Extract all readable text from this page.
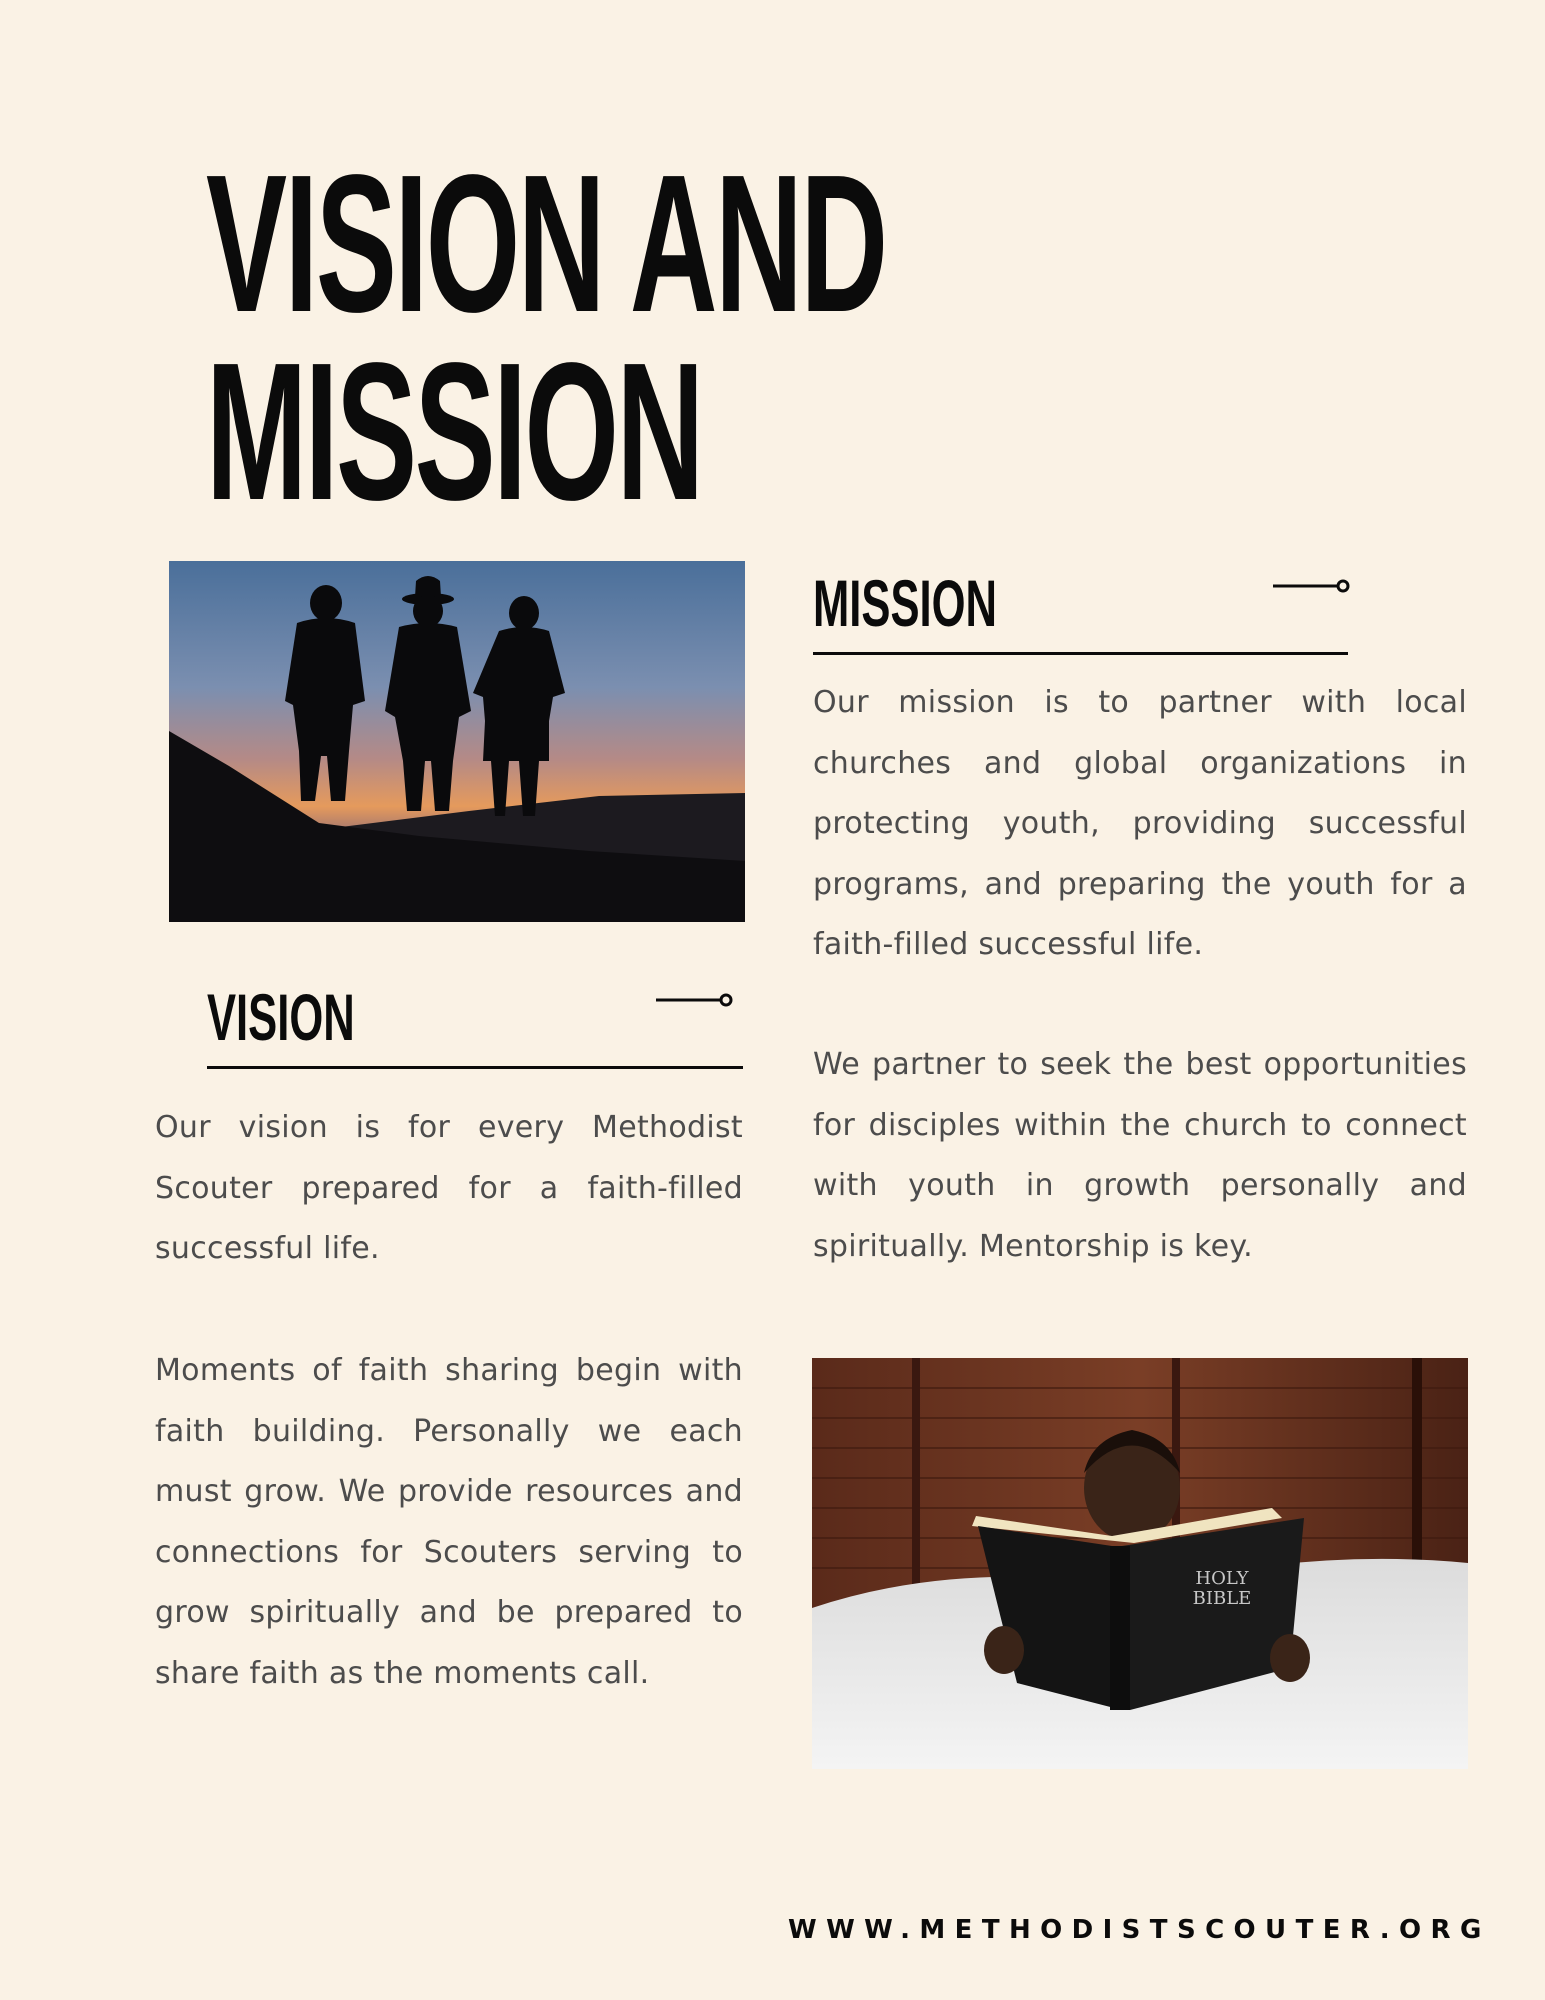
VISION AND
MISSION
MISSION

Our mission is to partner with local churches and global organizations in protecting youth, providing successful programs, and preparing the youth for a faith-filled successful life.

We partner to seek the best opportunities for disciples within the church to connect with youth in growth personally and spiritually. Mentorship is key.

VISION

Our vision is for every Methodist Scouter prepared for a faith-filled successful life.

Moments of faith sharing begin with faith building. Personally we each must grow. We provide resources and connections for Scouters serving to grow spiritually and be prepared to share faith as the moments call.

HOLY
BIBLE

WWW.METHODISTSCOUTER.ORG
